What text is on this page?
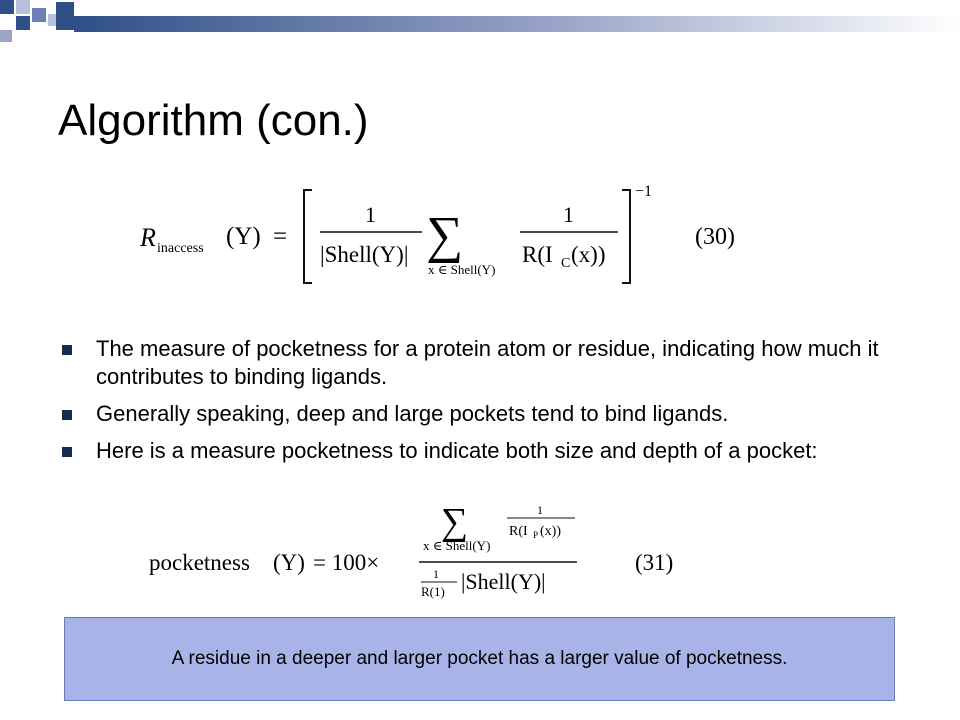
Algorithm (con.)
R inaccess (Y) =
1
|Shell(Y)| ∑
x ∈ Shell(Y)
1
R(I C (x))
−1
(30)
The measure of pocketness for a protein atom or residue, indicating how much it contributes to binding ligands.
Generally speaking, deep and large pockets tend to bind ligands.
Here is a measure pocketness to indicate both size and depth of a pocket:
pocketness (Y) = 100×
∑
x ∈ Shell(Y)
1
R(I P (x))
1
R(1) |Shell(Y)|
(31)
A residue in a deeper and larger pocket has a larger value of pocketness.
